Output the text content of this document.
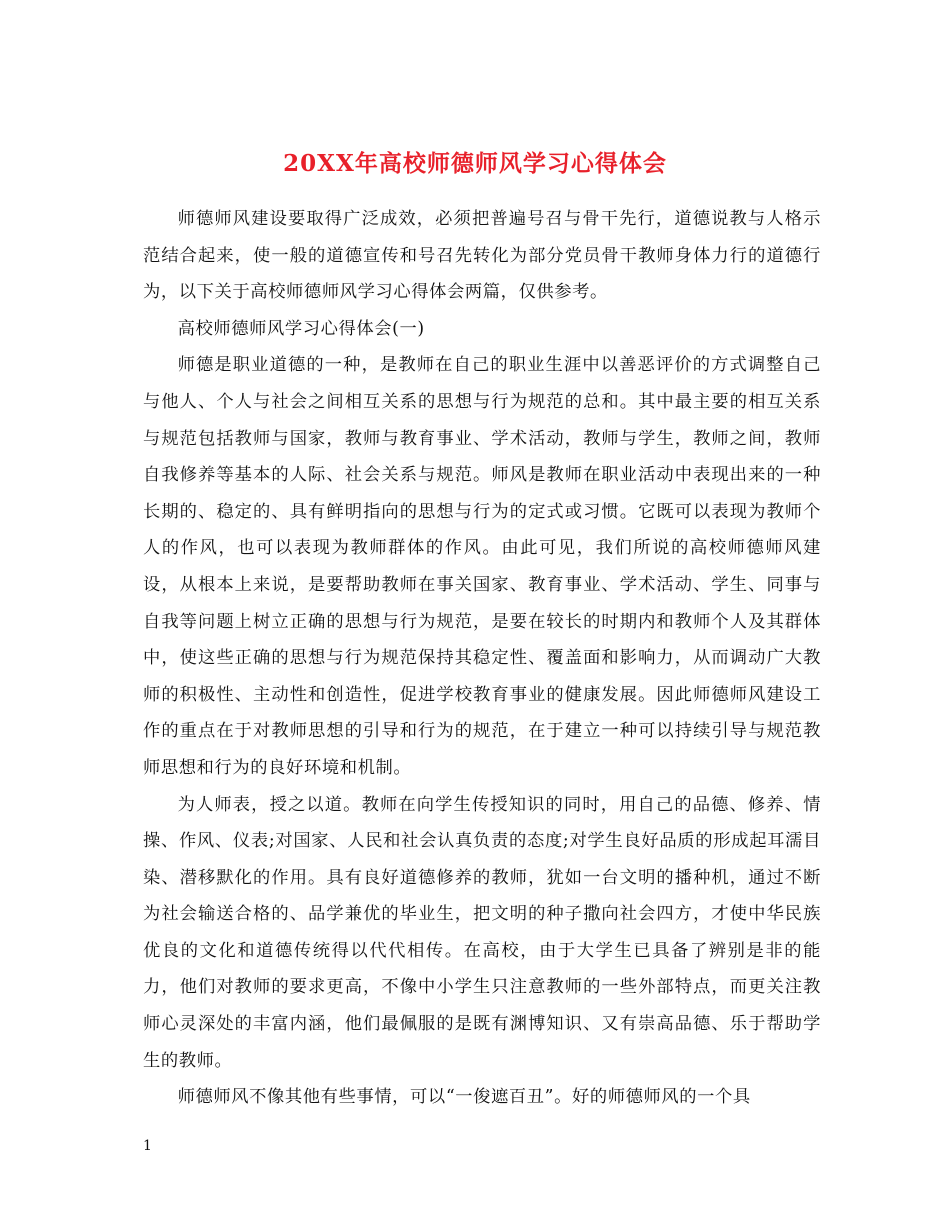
20XX年高校师德师风学习心得体会

师德师风建设要取得广泛成效，必须把普遍号召与骨干先行，道德说教与人格示范结合起来，使一般的道德宣传和号召先转化为部分党员骨干教师身体力行的道德行为，以下关于高校师德师风学习心得体会两篇，仅供参考。

高校师德师风学习心得体会(一)

师德是职业道德的一种，是教师在自己的职业生涯中以善恶评价的方式调整自己与他人、个人与社会之间相互关系的思想与行为规范的总和。其中最主要的相互关系与规范包括教师与国家，教师与教育事业、学术活动，教师与学生，教师之间，教师自我修养等基本的人际、社会关系与规范。师风是教师在职业活动中表现出来的一种长期的、稳定的、具有鲜明指向的思想与行为的定式或习惯。它既可以表现为教师个人的作风，也可以表现为教师群体的作风。由此可见，我们所说的高校师德师风建设，从根本上来说，是要帮助教师在事关国家、教育事业、学术活动、学生、同事与自我等问题上树立正确的思想与行为规范，是要在较长的时期内和教师个人及其群体中，使这些正确的思想与行为规范保持其稳定性、覆盖面和影响力，从而调动广大教师的积极性、主动性和创造性，促进学校教育事业的健康发展。因此师德师风建设工作的重点在于对教师思想的引导和行为的规范，在于建立一种可以持续引导与规范教师思想和行为的良好环境和机制。

为人师表，授之以道。教师在向学生传授知识的同时，用自己的品德、修养、情操、作风、仪表;对国家、人民和社会认真负责的态度;对学生良好品质的形成起耳濡目染、潜移默化的作用。具有良好道德修养的教师，犹如一台文明的播种机，通过不断为社会输送合格的、品学兼优的毕业生，把文明的种子撒向社会四方，才使中华民族优良的文化和道德传统得以代代相传。在高校，由于大学生已具备了辨别是非的能力，他们对教师的要求更高，不像中小学生只注意教师的一些外部特点，而更关注教师心灵深处的丰富内涵，他们最佩服的是既有渊博知识、又有崇高品德、乐于帮助学生的教师。

师德师风不像其他有些事情，可以“一俊遮百丑”。好的师德师风的一个具

1
